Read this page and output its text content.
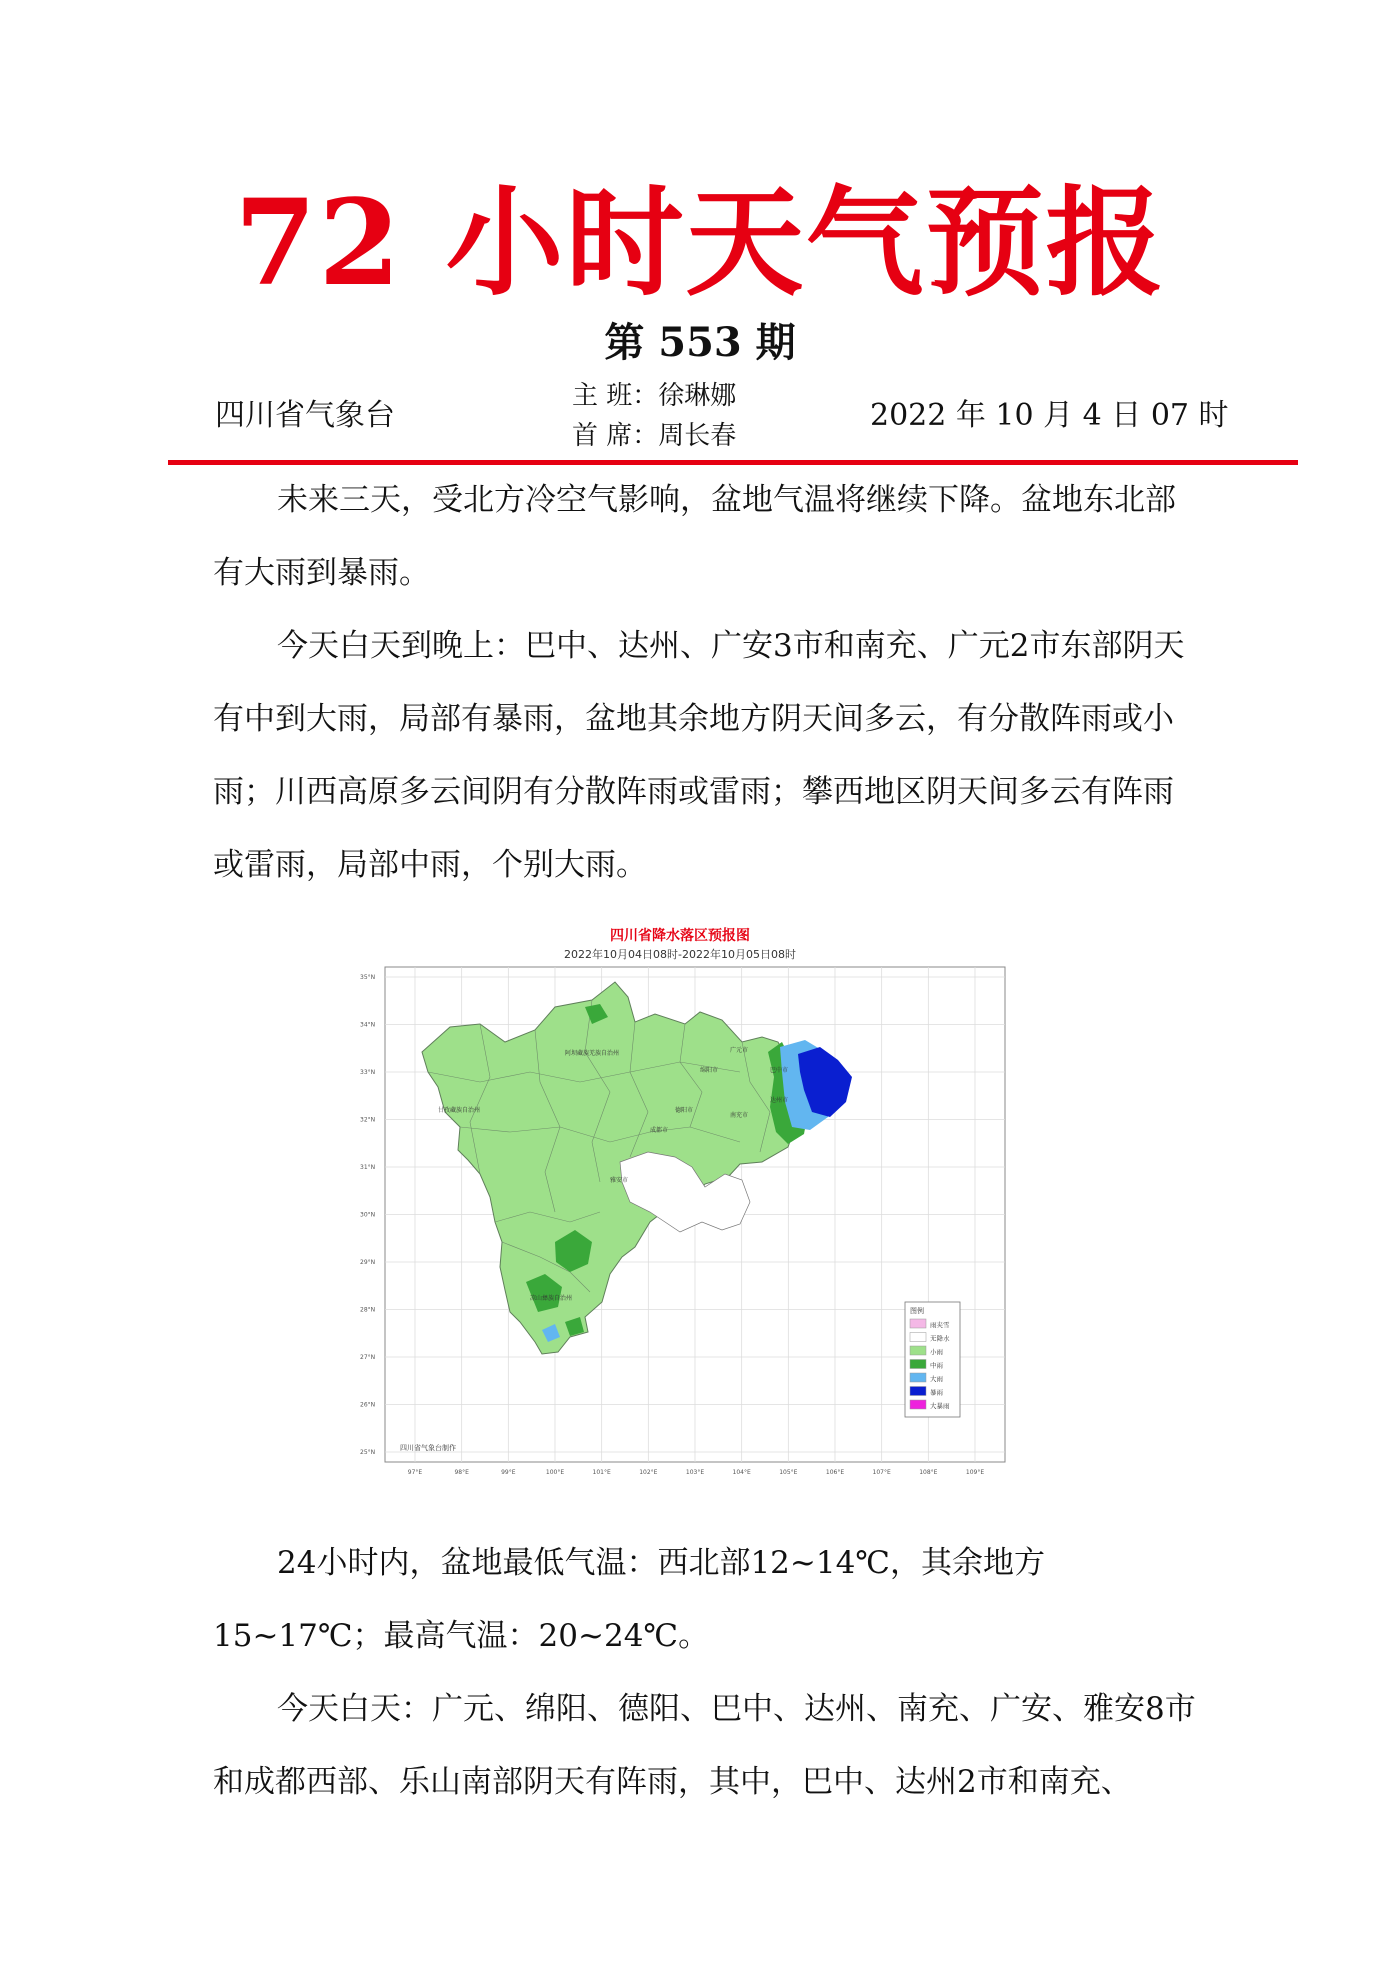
72 小时天气预报
第 553 期
四川省气象台
主 班：徐琳娜
首 席：周长春
2022 年 10 月 4 日 07 时

未来三天，受北方冷空气影响，盆地气温将继续下降。盆地东北部有大雨到暴雨。

今天白天到晚上：巴中、达州、广安3市和南充、广元2市东部阴天有中到大雨，局部有暴雨，盆地其余地方阴天间多云，有分散阵雨或小雨；川西高原多云间阴有分散阵雨或雷雨；攀西地区阴天间多云有阵雨或雷雨，局部中雨，个别大雨。

四川省降水落区预报图
2022年10月04日08时-2022年10月05日08时
35°N
34°N
33°N
32°N
31°N
30°N
29°N
28°N
27°N
26°N
25°N
97°E	98°E	99°E	100°E	101°E	102°E	103°E	104°E	105°E	106°E	107°E	108°E	109°E
阿坝藏族羌族自治州
甘孜藏族自治州
凉山彝族自治州
广元市
巴中市
绵阳市
南充市
达州市
德阳市
成都市
雅安市
四川省气象台制作
图例
雨夹雪
无降水
小雨
中雨
大雨
暴雨
大暴雨

24小时内，盆地最低气温：西北部12~14℃，其余地方15~17℃；最高气温：20~24℃。

今天白天：广元、绵阳、德阳、巴中、达州、南充、广安、雅安8市和成都西部、乐山南部阴天有阵雨，其中，巴中、达州2市和南充、
